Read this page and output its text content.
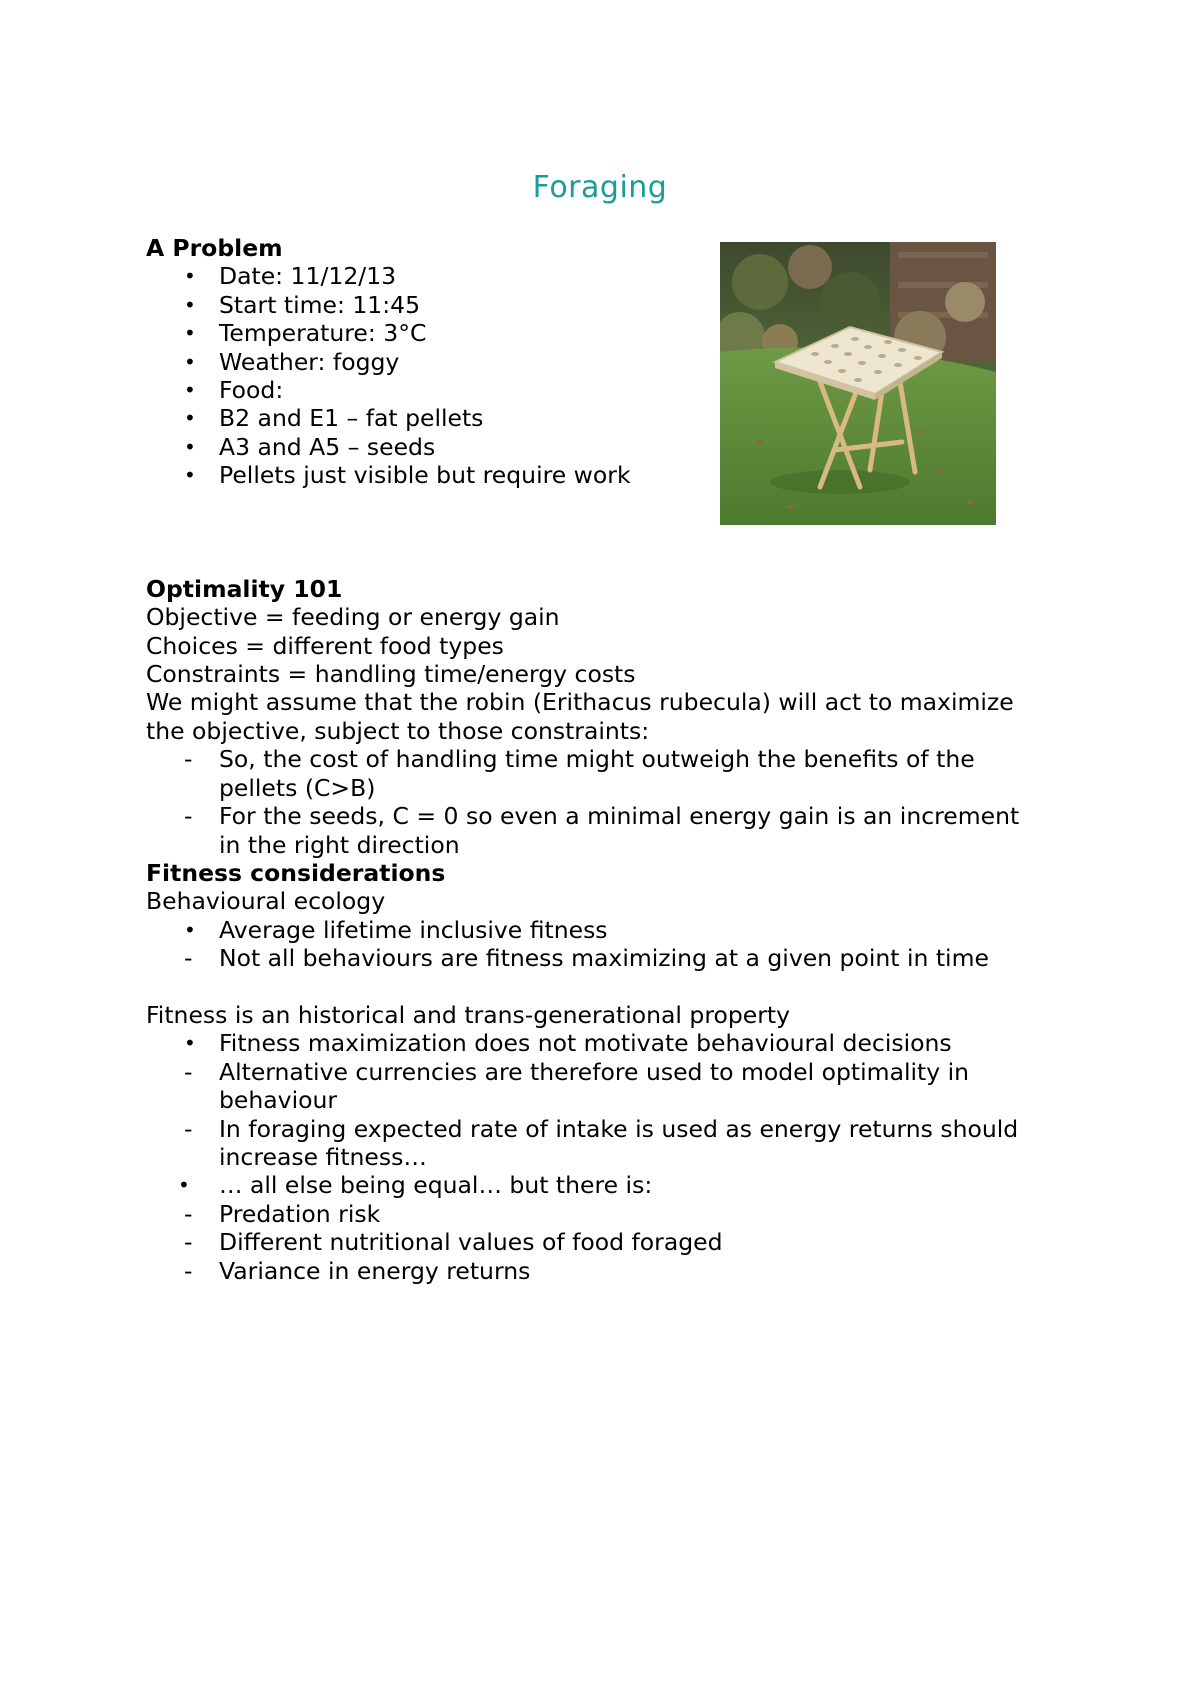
Foraging
A Problem
• Date: 11/12/13
• Start time: 11:45
• Temperature: 3°C
• Weather: foggy
• Food:
• B2 and E1 – fat pellets
• A3 and A5 – seeds
• Pellets just visible but require work
Optimality 101
Objective = feeding or energy gain
Choices = different food types
Constraints = handling time/energy costs
We might assume that the robin (Erithacus rubecula) will act to maximize
the objective, subject to those constraints:
-	So, the cost of handling time might outweigh the benefits of the
pellets (C>B)
-	For the seeds, C = 0 so even a minimal energy gain is an increment
in the right direction
Fitness considerations
Behavioural ecology
• Average lifetime inclusive fitness
-	Not all behaviours are fitness maximizing at a given point in time
Fitness is an historical and trans-generational property
• Fitness maximization does not motivate behavioural decisions
-	Alternative currencies are therefore used to model optimality in
behaviour
-	In foraging expected rate of intake is used as energy returns should
increase fitness…
•	… all else being equal… but there is:
-	Predation risk
-	Different nutritional values of food foraged
-	Variance in energy returns
